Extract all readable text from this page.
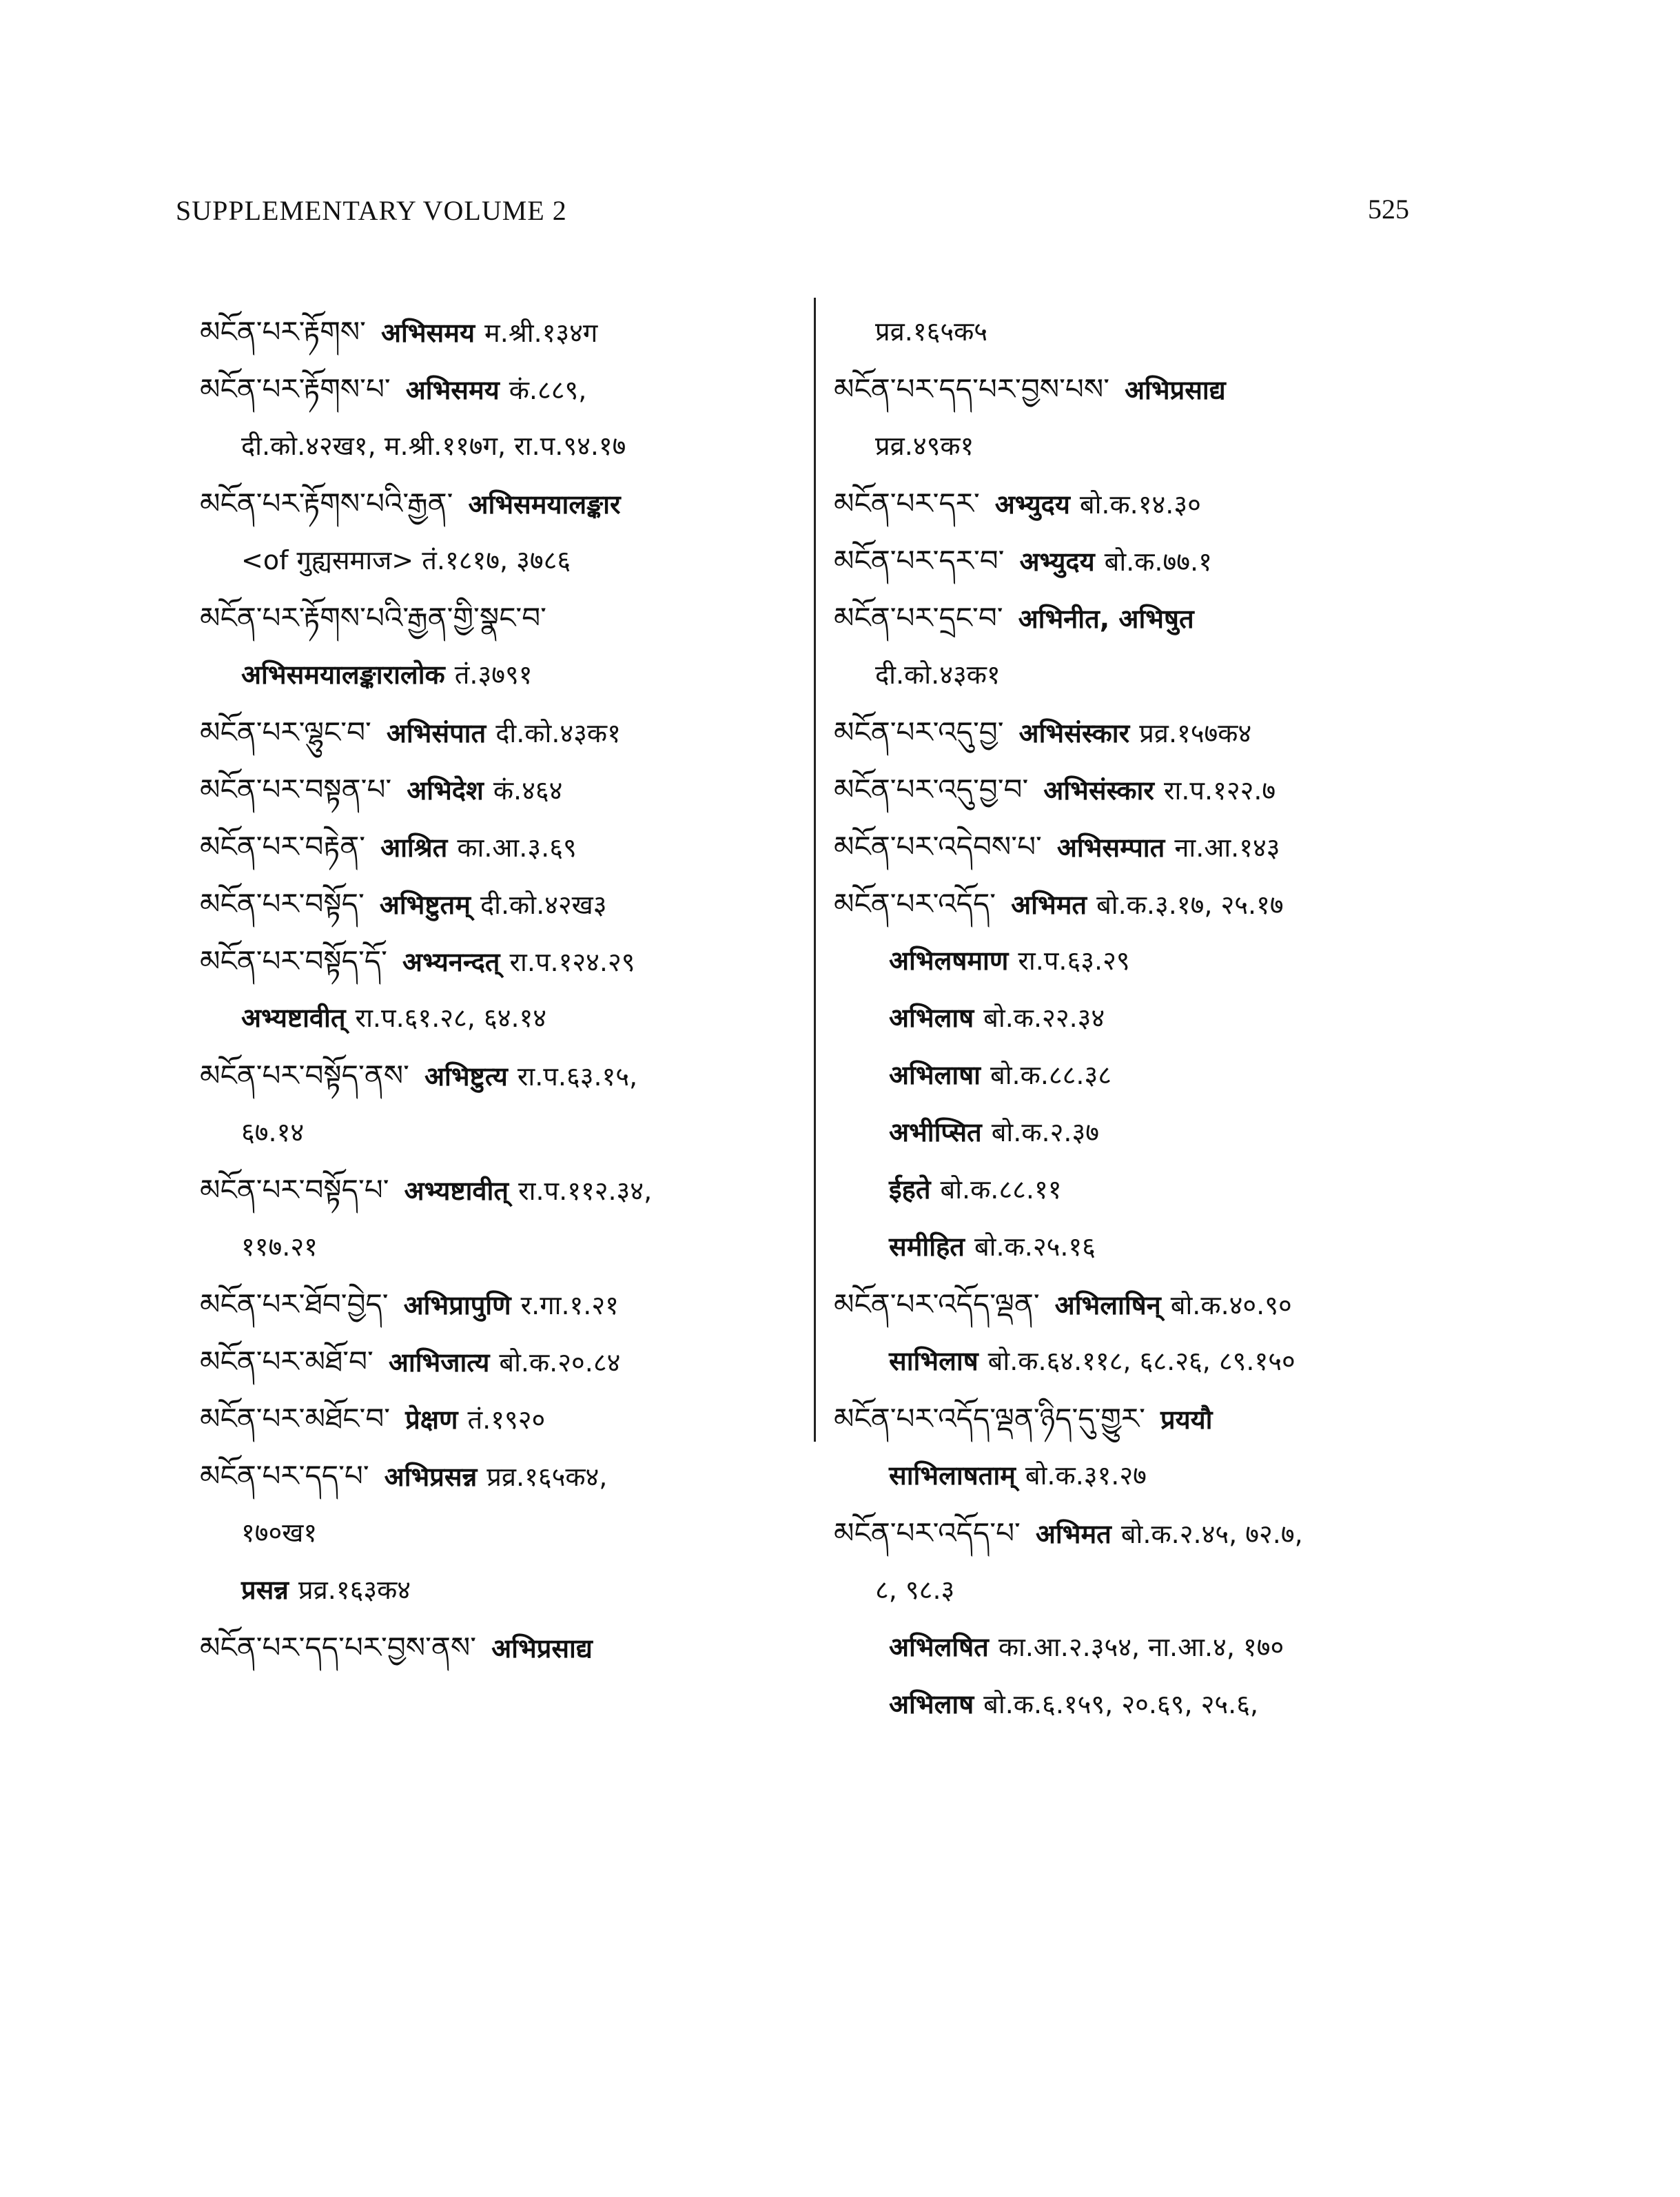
SUPPLEMENTARY VOLUME 2	525
མངོན་པར་རྟོགས་ अभिसमय म.श्री.१३४ग
མངོན་པར་རྟོགས་པ་ अभिसमय कं.८८९,
दी.को.४२ख१, म.श्री.११७ग, रा.प.९४.१७
མངོན་པར་རྟོགས་པའི་རྒྱན་ अभिसमयालङ्कार
<of गुह्यसमाज> तं.१८१७, ३७८६
མངོན་པར་རྟོགས་པའི་རྒྱན་གྱི་སྣང་བ་
अभिसमयालङ्कारालोक तं.३७९१
མངོན་པར་ལྷུང་བ་ अभिसंपात दी.को.४३क१
མངོན་པར་བསྟན་པ་ अभिदेश कं.४६४
མངོན་པར་བརྟེན་ आश्रित का.आ.३.६९
མངོན་པར་བསྟོད་ अभिष्टुतम् दी.को.४२ख३
མངོན་པར་བསྟོད་དོ་ अभ्यनन्दत् रा.प.१२४.२९
अभ्यष्टावीत् रा.प.६१.२८, ६४.१४
མངོན་པར་བསྟོད་ནས་ अभिष्टुत्य रा.प.६३.१५,
६७.१४
མངོན་པར་བསྟོད་པ་ अभ्यष्टावीत् रा.प.११२.३४,
११७.२१
མངོན་པར་ཐོབ་བྱེད་ अभिप्रापुणि र.गा.१.२१
མངོན་པར་མཐོ་བ་ आभिजात्य बो.क.२०.८४
མངོན་པར་མཐོང་བ་ प्रेक्षण तं.१९२०
མངོན་པར་དད་པ་ अभिप्रसन्न प्रव्र.१६५क४,
१७०ख१
प्रसन्न प्रव्र.१६३क४
མངོན་པར་དད་པར་བྱས་ནས་ अभिप्रसाद्य
प्रव्र.१६५क५
མངོན་པར་དད་པར་བྱས་པས་ अभिप्रसाद्य
प्रव्र.४९क१
མངོན་པར་དར་ अभ्युदय बो.क.१४.३०
མངོན་པར་དར་བ་ अभ्युदय बो.क.७७.१
མངོན་པར་དྲང་བ་ अभिनीत, अभिषुत
दी.को.४३क१
མངོན་པར་འདུ་བྱ་ अभिसंस्कार प्रव्र.१५७क४
མངོན་པར་འདུ་བྱ་བ་ अभिसंस्कार रा.प.१२२.७
མངོན་པར་འདེབས་པ་ अभिसम्पात ना.आ.१४३
མངོན་པར་འདོད་ अभिमत बो.क.३.१७, २५.१७
अभिलषमाण रा.प.६३.२९
अभिलाष बो.क.२२.३४
अभिलाषा बो.क.८८.३८
अभीप्सित बो.क.२.३७
ईहते बो.क.८८.११
समीहित बो.क.२५.१६
མངོན་པར་འདོད་ལྡན་ अभिलाषिन् बो.क.४०.९०
साभिलाष बो.क.६४.११८, ६८.२६, ८९.१५०
མངོན་པར་འདོད་ལྡན་ཉིད་དུ་གྱུར་ प्रययौ
साभिलाषताम् बो.क.३१.२७
མངོན་པར་འདོད་པ་ अभिमत बो.क.२.४५, ७२.७,
८, ९८.३
अभिलषित का.आ.२.३५४, ना.आ.४, १७०
अभिलाष बो.क.६.१५९, २०.६९, २५.६,
